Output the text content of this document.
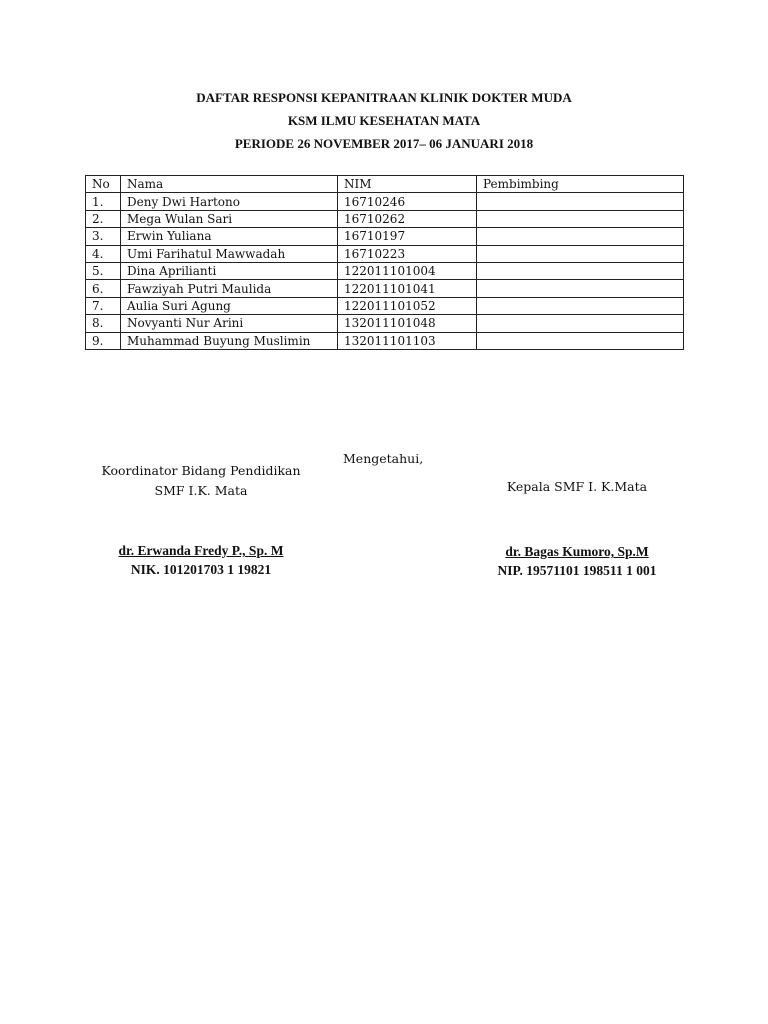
DAFTAR RESPONSI KEPANITRAAN KLINIK DOKTER MUDA
KSM ILMU KESEHATAN MATA
PERIODE 26 NOVEMBER 2017– 06 JANUARI 2018
No	Nama	NIM	Pembimbing
1.	Deny Dwi Hartono	16710246	
2.	Mega Wulan Sari	16710262	
3.	Erwin Yuliana	16710197	
4.	Umi Farihatul Mawwadah	16710223	
5.	Dina Aprilianti	122011101004	
6.	Fawziyah Putri Maulida	122011101041	
7.	Aulia Suri Agung	122011101052	
8.	Novyanti Nur Arini	132011101048	
9.	Muhammad Buyung Muslimin	132011101103	
Mengetahui,
Koordinator Bidang Pendidikan
SMF I.K. Mata	Kepala SMF I. K.Mata
dr. Erwanda Fredy P., Sp. M
NIK. 101201703 1 19821
dr. Bagas Kumoro, Sp.M
NIP. 19571101 198511 1 001
